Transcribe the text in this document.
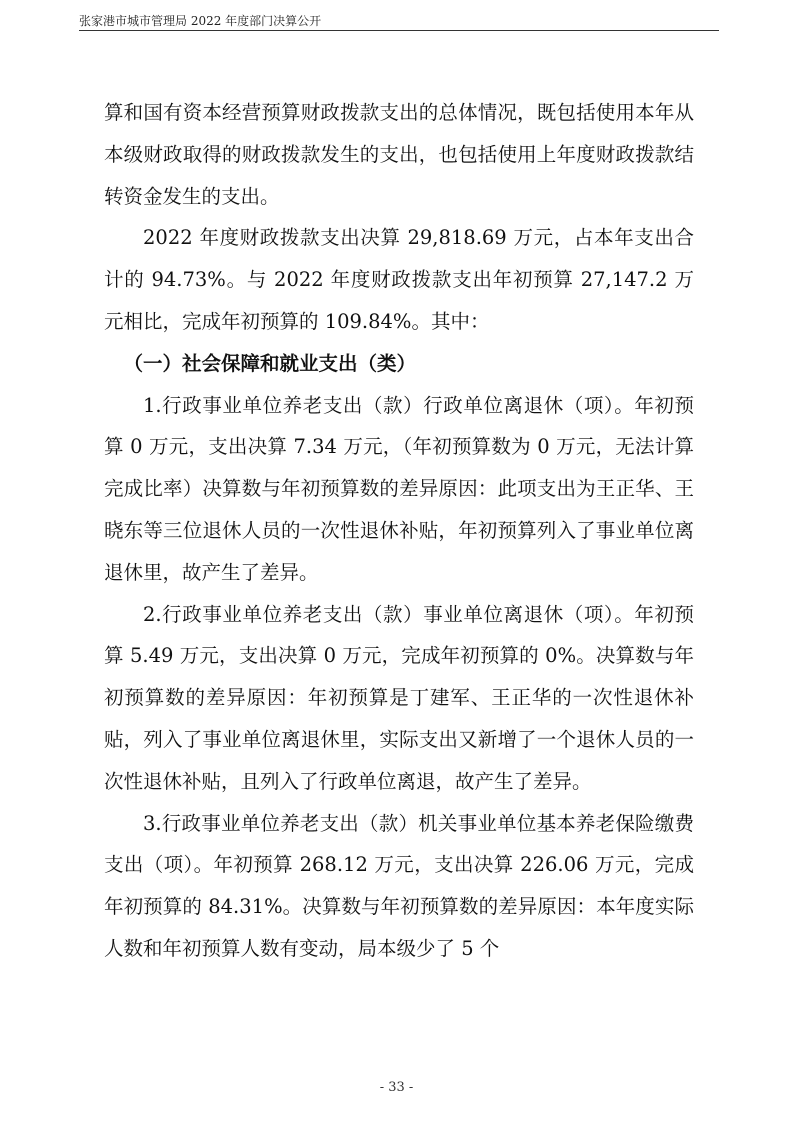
张家港市城市管理局 2022 年度部门决算公开

算和国有资本经营预算财政拨款支出的总体情况，既包括使用本年从本级财政取得的财政拨款发生的支出，也包括使用上年度财政拨款结转资金发生的支出。

2022 年度财政拨款支出决算 29,818.69 万元，占本年支出合计的 94.73%。与 2022 年度财政拨款支出年初预算 27,147.2 万元相比，完成年初预算的 109.84%。其中：

（一）社会保障和就业支出（类）

1.行政事业单位养老支出（款）行政单位离退休（项）。年初预算 0 万元，支出决算 7.34 万元，（年初预算数为 0 万元，无法计算完成比率）决算数与年初预算数的差异原因：此项支出为王正华、王晓东等三位退休人员的一次性退休补贴，年初预算列入了事业单位离退休里，故产生了差异。

2.行政事业单位养老支出（款）事业单位离退休（项）。年初预算 5.49 万元，支出决算 0 万元，完成年初预算的 0%。决算数与年初预算数的差异原因：年初预算是丁建军、王正华的一次性退休补贴，列入了事业单位离退休里，实际支出又新增了一个退休人员的一次性退休补贴，且列入了行政单位离退，故产生了差异。

3.行政事业单位养老支出（款）机关事业单位基本养老保险缴费支出（项）。年初预算 268.12 万元，支出决算 226.06 万元，完成年初预算的 84.31%。决算数与年初预算数的差异原因：本年度实际人数和年初预算人数有变动，局本级少了 5 个

- 33 -
